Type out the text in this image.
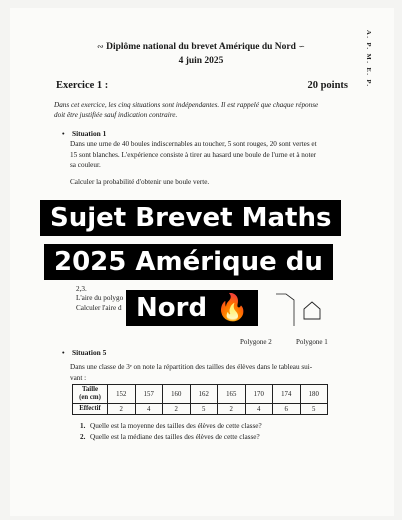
A. P. M. E. P.
∾ Diplôme national du brevet Amérique du Nord ∽
4 juin 2025
Exercice 1 :	20 points
Dans cet exercice, les cinq situations sont indépendantes. Il est rappelé que chaque réponse
doit être justifiée sauf indication contraire.
• Situation 1
Dans une urne de 40 boules indiscernables au toucher, 5 sont rouges, 20 sont vertes et
15 sont blanches. L'expérience consiste à tirer au hasard une boule de l'urne et à noter
sa couleur.
Calculer la probabilité d'obtenir une boule verte.
2,3.
L'aire du polygo
Calculer l'aire d
Polygone 2	Polygone 1
• Situation 5
Dans une classe de 3ᵉ on note la répartition des tailles des élèves dans le tableau sui-
vant :
Taille
(en cm)	152	157	160	162	165	170	174	180
Effectif	2	4	2	5	2	4	6	5
1. Quelle est la moyenne des tailles des élèves de cette classe?
2. Quelle est la médiane des tailles des élèves de cette classe?
Sujet Brevet Maths
2025 Amérique du
Nord 🔥
